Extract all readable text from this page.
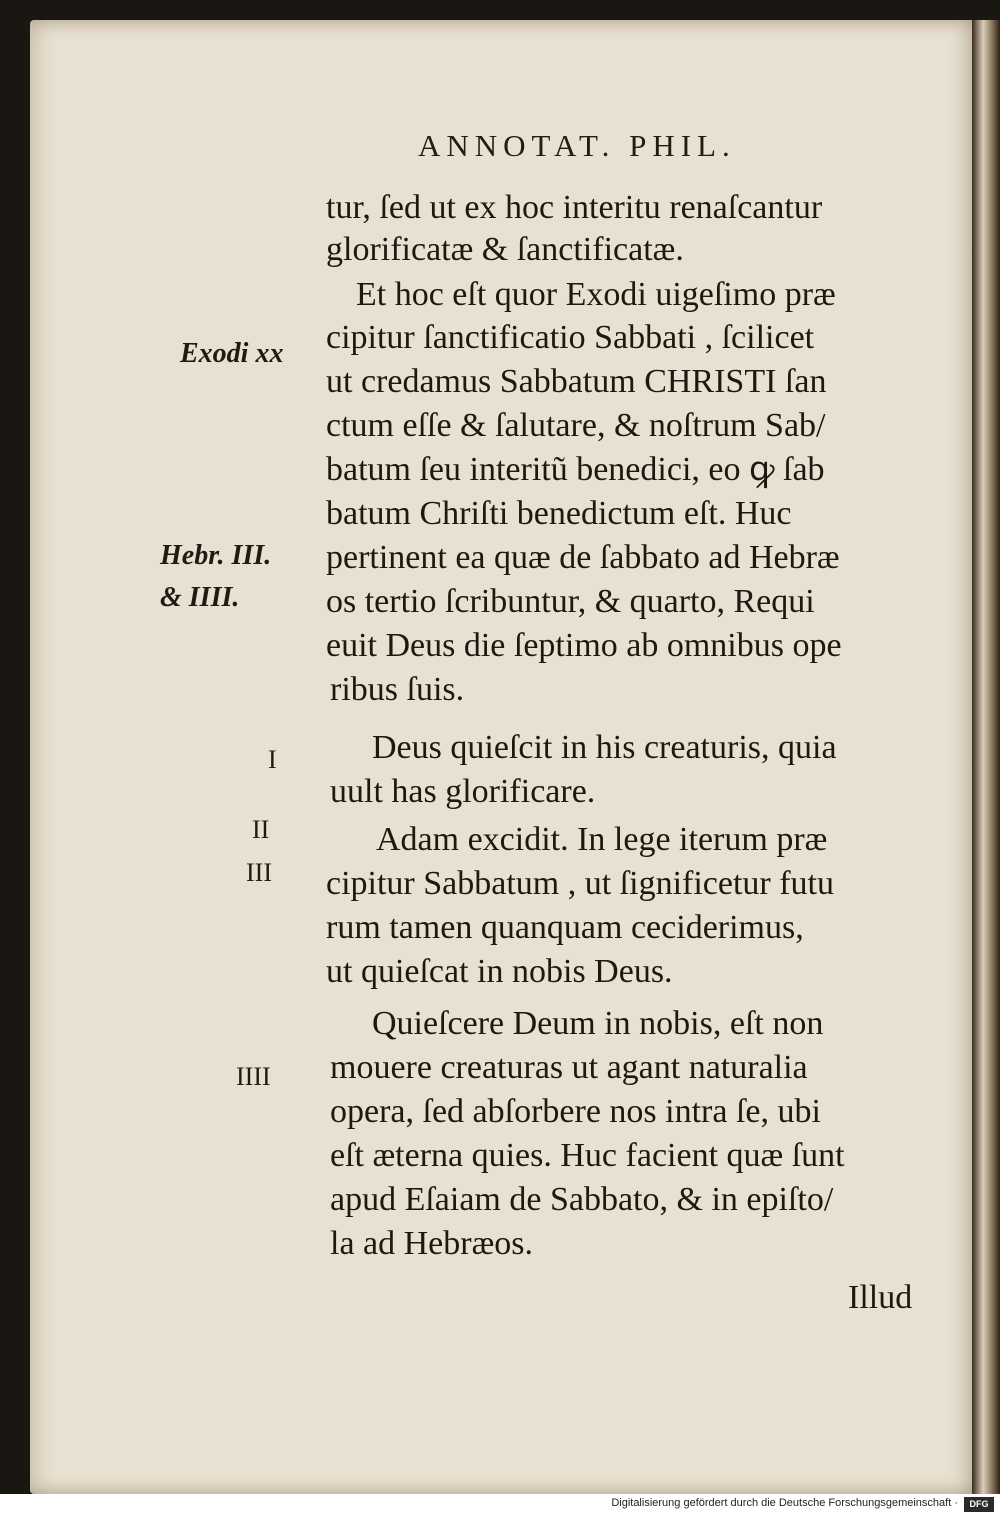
ANNOTAT. PHIL.
tur, ſed ut ex hoc interitu renaſcantur
glorificatæ & ſanctificatæ.
Et hoc eſt quor Exodi uigeſimo præ
cipitur ſanctificatio Sabbati , ſcilicet
ut credamus Sabbatum CHRISTI ſan
ctum eſſe & ſalutare, & noſtrum Sab/
batum ſeu interitũ benedici, eo ꝙ ſab
batum Chriſti benedictum eſt. Huc
pertinent ea quæ de ſabbato ad Hebræ
os tertio ſcribuntur, & quarto, Requi
euit Deus die ſeptimo ab omnibus ope
ribus ſuis.
Deus quieſcit in his creaturis, quia
uult has glorificare.
Adam excidit. In lege iterum præ
cipitur Sabbatum , ut ſignificetur futu
rum tamen quanquam ceciderimus,
ut quieſcat in nobis Deus.
Quieſcere Deum in nobis, eſt non
mouere creaturas ut agant naturalia
opera, ſed abſorbere nos intra ſe, ubi
eſt æterna quies. Huc facient quæ ſunt
apud Eſaiam de Sabbato, & in epiſto/
la ad Hebræos.
Exodi xx
Hebr. III.
& IIII.
I
II
III
IIII
Illud
Digitalisierung gefördert durch die Deutsche Forschungsgemeinschaft ·	DFG
